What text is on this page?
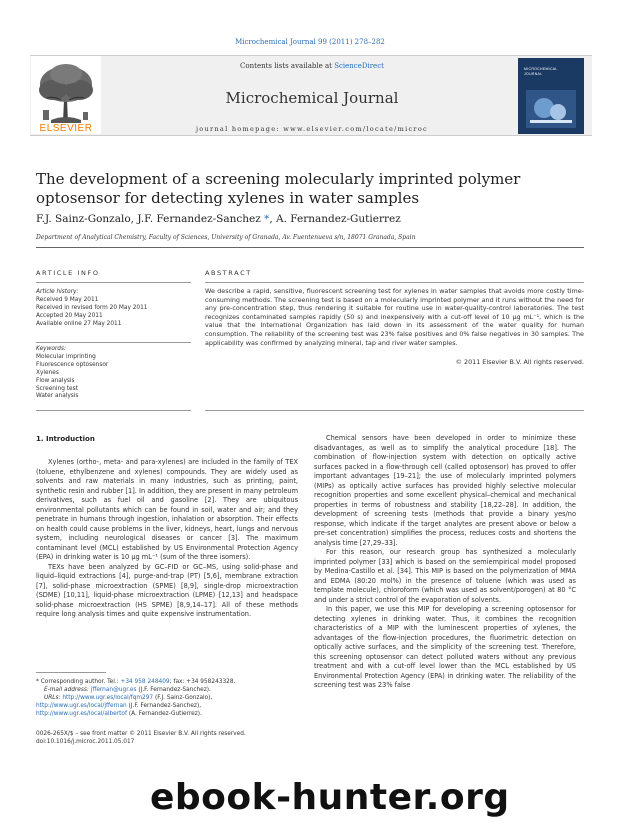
Microchemical Journal 99 (2011) 278–282
ELSEVIER
Contents lists available at ScienceDirect
Microchemical Journal
journal homepage: www.elsevier.com/locate/microc
MICROCHEMICAL
JOURNAL
The development of a screening molecularly imprinted polymer optosensor for detecting xylenes in water samples
F.J. Sainz-Gonzalo, J.F. Fernandez-Sanchez *, A. Fernandez-Gutierrez
Department of Analytical Chemistry, Faculty of Sciences, University of Granada, Av. Fuentenueva s/n, 18071 Granada, Spain
ARTICLE INFO	ABSTRACT
Article history:
Received 9 May 2011
Received in revised form 20 May 2011
Accepted 20 May 2011
Available online 27 May 2011
Keywords:
Molecular imprinting
Fluorescence optosensor
Xylenes
Flow analysis
Screening test
Water analysis
We describe a rapid, sensitive, fluorescent screening test for xylenes in water samples that avoids more costly time-consuming methods. The screening test is based on a molecularly imprinted polymer and it runs without the need for any pre-concentration step, thus rendering it suitable for routine use in water-quality-control laboratories. The test recognizes contaminated samples rapidly (50 s) and inexpensively with a cut-off level of 10 μg mL⁻¹, which is the value that the International Organization has laid down in its assessment of the water quality for human consumption. The reliability of the screening test was 23% false positives and 0% false negatives in 30 samples. The applicability was confirmed by analyzing mineral, tap and river water samples.
© 2011 Elsevier B.V. All rights reserved.
1. Introduction

Xylenes (ortho-, meta- and para-xylenes) are included in the family of TEX (toluene, ethylbenzene and xylenes) compounds. They are widely used as solvents and raw materials in many industries, such as printing, paint, synthetic resin and rubber [1]. In addition, they are present in many petroleum derivatives, such as fuel oil and gasoline [2]. They are ubiquitous environmental pollutants which can be found in soil, water and air; and they penetrate in humans through ingestion, inhalation or absorption. Their effects on health could cause problems in the liver, kidneys, heart, lungs and nervous system, including neurological diseases or cancer [3]. The maximum contaminant level (MCL) established by US Environmental Protection Agency (EPA) in drinking water is 10 μg mL⁻¹ (sum of the three isomers).

TEXs have been analyzed by GC–FID or GC–MS, using solid-phase and liquid–liquid extractions [4], purge-and-trap (PT) [5,6], membrane extraction [7], solid-phase microextraction (SPME) [8,9], single-drop microextraction (SDME) [10,11], liquid-phase microextraction (LPME) [12,13] and headspace solid-phase microextraction (HS SPME) [8,9,14–17]. All of these methods require long analysis times and quite expensive instrumentation.

Chemical sensors have been developed in order to minimize these disadvantages, as well as to simplify the analytical procedure [18]. The combination of flow-injection system with detection on optically active surfaces packed in a flow-through cell (called optosensor) has proved to offer important advantages [19–21]; the use of molecularly imprinted polymers (MIPs) as optically active surfaces has provided highly selective molecular recognition properties and some excellent physical–chemical and mechanical properties in terms of robustness and stability [18,22–28]. In addition, the development of screening tests (methods that provide a binary yes/no response, which indicate if the target analytes are present above or below a pre-set concentration) simplifies the process, reduces costs and shortens the analysis time [27,29–33].

For this reason, our research group has synthesized a molecularly imprinted polymer [33] which is based on the semiempirical model proposed by Medina-Castillo et al. [34]. This MIP is based on the polymerization of MMA and EDMA (80:20 mol%) in the presence of toluene (which was used as template molecule), chloroform (which was used as solvent/porogen) at 80 °C and under a strict control of the evaporation of solvents.

In this paper, we use this MIP for developing a screening optosensor for detecting xylenes in drinking water. Thus, it combines the recognition characteristics of a MIP with the luminescent properties of xylenes, the advantages of the flow-injection procedures, the fluorimetric detection on optically active surfaces, and the simplicity of the screening test. Therefore, this screening optosensor can detect polluted waters without any previous treatment and with a cut-off level lower than the MCL established by US Environmental Protection Agency (EPA) in drinking water. The reliability of the screening test was 23% false

* Corresponding author. Tel.: +34 958 248409; fax: +34 958243328.
E-mail address: jffernan@ugr.es (J.F. Fernandez-Sanchez).
URLs: http://www.ugr.es/local/fqm297 (F.J. Sainz-Gonzalo),
http://www.ugr.es/local/jffernan (J.F. Fernandez-Sanchez),
http://www.ugr.es/local/albertof (A. Fernandez-Gutierrez).
0026-265X/$ – see front matter © 2011 Elsevier B.V. All rights reserved.
doi:10.1016/j.microc.2011.05.017
ebook-hunter.org
